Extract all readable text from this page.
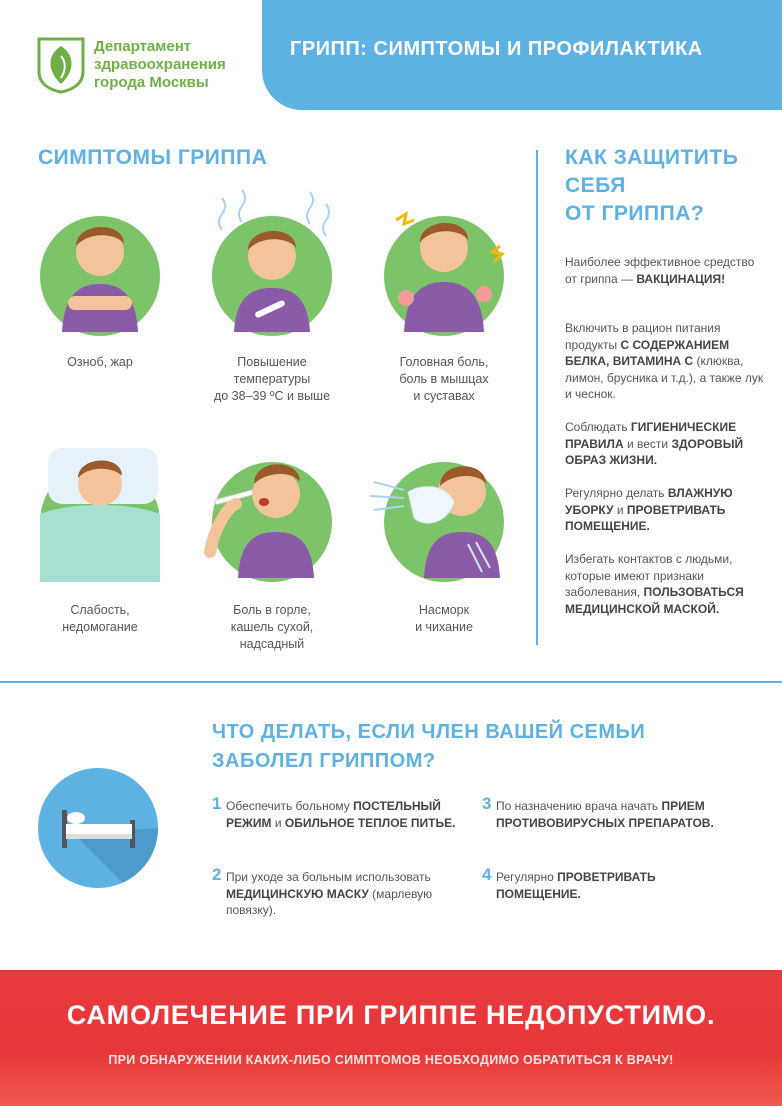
Департамент
здравоохранения
города Москвы
ГРИПП: СИМПТОМЫ И ПРОФИЛАКТИКА
СИМПТОМЫ ГРИППА
Озноб, жар	Повышение
температуры
до 38–39 ºС и выше
Головная боль,
боль в мышцах
и суставах
Слабость,
недомогание
Боль в горле,
кашель сухой,
надсадный
Насморк
и чихание
КАК ЗАЩИТИТЬ
СЕБЯ
ОТ ГРИППА?
Наиболее эффективное средство от гриппа — ВАКЦИНАЦИЯ!
Включить в рацион питания продукты С СОДЕРЖАНИЕМ БЕЛКА, ВИТАМИНА С (клюква, лимон, брусника и т.д.), а также лук и чеснок.
Соблюдать ГИГИЕНИЧЕСКИЕ ПРАВИЛА и вести ЗДОРОВЫЙ ОБРАЗ ЖИЗНИ.
Регулярно делать ВЛАЖНУЮ УБОРКУ и ПРОВЕТРИВАТЬ ПОМЕЩЕНИЕ.
Избегать контактов с людьми, которые имеют признаки заболевания, ПОЛЬЗОВАТЬСЯ МЕДИЦИНСКОЙ МАСКОЙ.
ЧТО ДЕЛАТЬ, ЕСЛИ ЧЛЕН ВАШЕЙ СЕМЬИ
ЗАБОЛЕЛ ГРИППОМ?
1 Обеспечить больному ПОСТЕЛЬНЫЙ РЕЖИМ и ОБИЛЬНОЕ ТЕПЛОЕ ПИТЬЕ.
2 При уходе за больным использовать МЕДИЦИНСКУЮ МАСКУ (марлевую повязку).
3 По назначению врача начать ПРИЕМ ПРОТИВОВИРУСНЫХ ПРЕПАРАТОВ.
4 Регулярно ПРОВЕТРИВАТЬ ПОМЕЩЕНИЕ.
САМОЛЕЧЕНИЕ ПРИ ГРИППЕ НЕДОПУСТИМО.
ПРИ ОБНАРУЖЕНИИ КАКИХ-ЛИБО СИМПТОМОВ НЕОБХОДИМО ОБРАТИТЬСЯ К ВРАЧУ!
